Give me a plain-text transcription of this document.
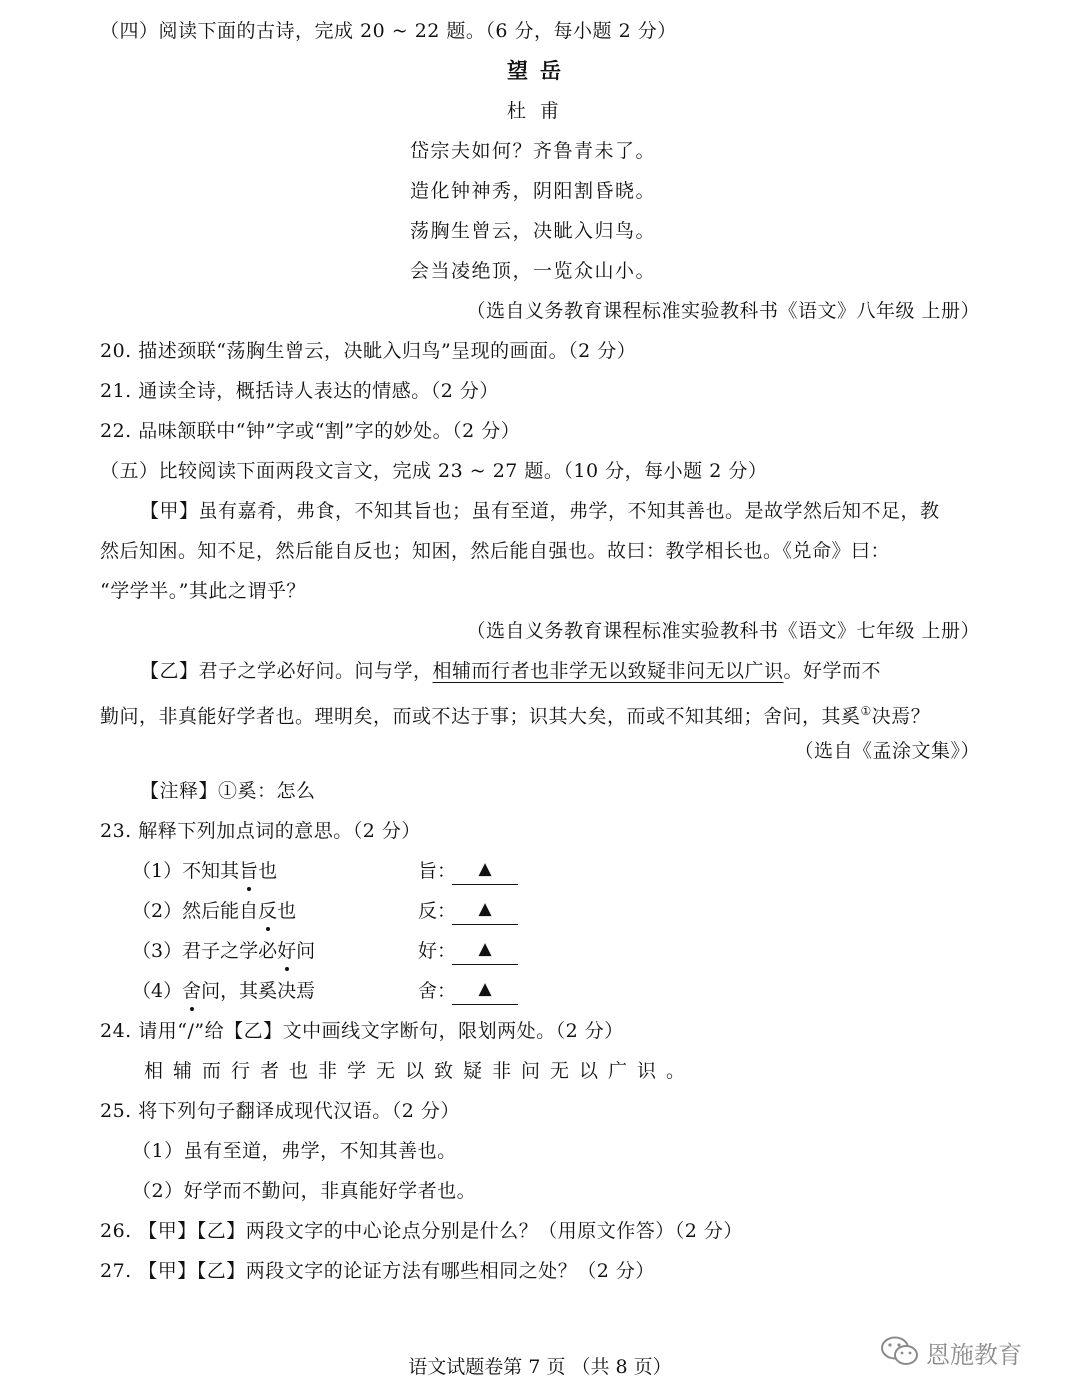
（四）阅读下面的古诗，完成 20 ~ 22 题。（6 分，每小题 2 分）
望岳
杜甫
岱宗夫如何？齐鲁青未了。
造化钟神秀，阴阳割昏晓。
荡胸生曾云，决眦入归鸟。
会当凌绝顶，一览众山小。
（选自义务教育课程标准实验教科书《语文》八年级 上册）
20. 描述颈联“荡胸生曾云，决眦入归鸟”呈现的画面。（2 分）
21. 通读全诗，概括诗人表达的情感。（2 分）
22. 品味颔联中“钟”字或“割”字的妙处。（2 分）
（五）比较阅读下面两段文言文，完成 23 ~ 27 题。（10 分，每小题 2 分）
【甲】虽有嘉肴，弗食，不知其旨也；虽有至道，弗学，不知其善也。是故学然后知不足，教
然后知困。知不足，然后能自反也；知困，然后能自强也。故曰：教学相长也。《兑命》曰：
“学学半。”其此之谓乎？
（选自义务教育课程标准实验教科书《语文》七年级 上册）
【乙】君子之学必好问。问与学，相辅而行者也非学无以致疑非问无以广识。好学而不
勤问，非真能好学者也。理明矣，而或不达于事；识其大矣，而或不知其细；舍问，其奚①决焉？
（选自《孟涂文集》）
【注释】①奚：怎么
23. 解释下列加点词的意思。（2 分）
（1）不知其旨也	旨：	▲
（2）然后能自反也	反：	▲
（3）君子之学必好问	好：	▲
（4）舍问，其奚决焉	舍：	▲
24. 请用“/”给【乙】文中画线文字断句，限划两处。（2 分）
相辅而行者也非学无以致疑非问无以广识。
25. 将下列句子翻译成现代汉语。（2 分）
（1）虽有至道，弗学，不知其善也。
（2）好学而不勤问，非真能好学者也。
26. 【甲】【乙】两段文字的中心论点分别是什么？（用原文作答）（2 分）
27. 【甲】【乙】两段文字的论证方法有哪些相同之处？（2 分）
语文试题卷第 7 页 （共 8 页）	恩施教育
